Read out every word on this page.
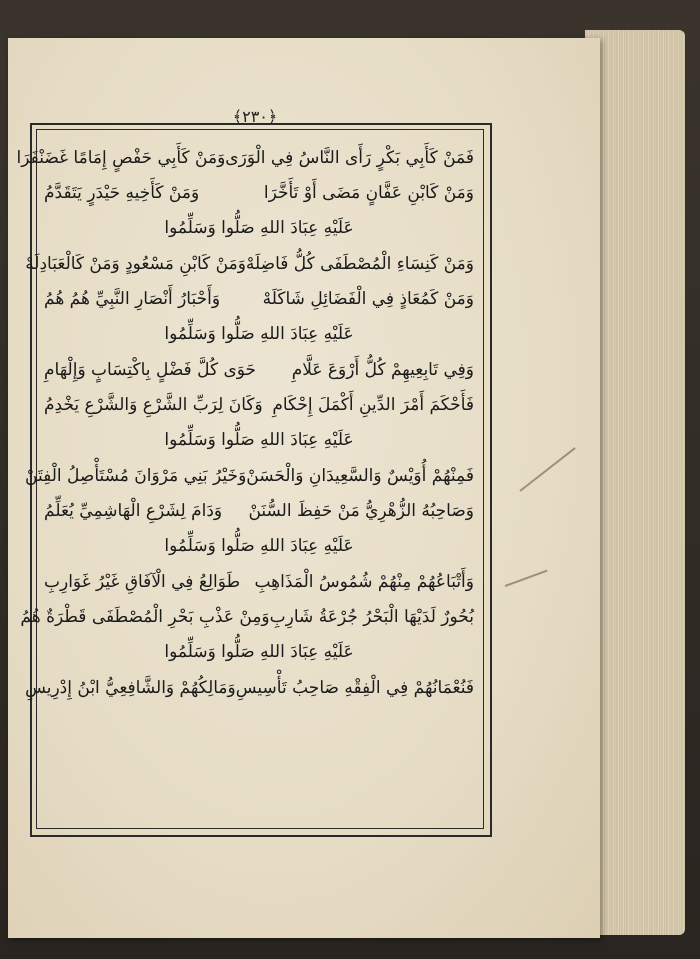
﴿٢٣٠﴾
فَمَنْ كَأَبِي بَكْرٍ رَأَى النَّاسُ فِي الْوَرَى
وَمَنْ كَأَبِي حَفْصٍ إِمَامًا غَضَنْفَرَا
وَمَنْ كَابْنِ عَفَّانٍ مَضَى أَوْ تَأَخَّرَا
وَمَنْ كَأَخِيهِ حَيْدَرٍ يَتَقَدَّمُ
عَلَيْهِ عِبَادَ اللهِ صَلُّوا وَسَلِّمُوا
وَمَنْ كَنِسَاءِ الْمُصْطَفَى كُلُّ فَاضِلَهْ
وَمَنْ كَابْنِ مَسْعُودٍ وَمَنْ كَالْعَبَادِلَهْ
وَمَنْ كَمُعَاذٍ فِي الْفَضَائِلِ شَاكَلَهْ
وَأَحْبَارُ أَنْصَارِ النَّبِيِّ هُمُ هُمُ
عَلَيْهِ عِبَادَ اللهِ صَلُّوا وَسَلِّمُوا
وَفِي تَابِعِيهِمْ كُلُّ أَرْوَعَ عَلَّامِ
حَوَى كُلَّ فَضْلٍ بِاكْتِسَابٍ وَإِلْهَامِ
فَأَحْكَمَ أَمْرَ الدِّينِ أَكْمَلَ إِحْكَامِ
وَكَانَ لِرَبِّ الشَّرْعِ وَالشَّرْعِ يَخْدِمُ
عَلَيْهِ عِبَادَ اللهِ صَلُّوا وَسَلِّمُوا
فَمِنْهُمْ أُوَيْسٌ وَالسَّعِيدَانِ وَالْحَسَنْ
وَخَيْرُ بَنِي مَرْوَانَ مُسْتَأْصِلُ الْفِتَنْ
وَصَاحِبُهُ الزُّهْرِيُّ مَنْ حَفِظَ السُّنَنْ
وَدَامَ لِشَرْعِ الْهَاشِمِيِّ يُعَلِّمُ
عَلَيْهِ عِبَادَ اللهِ صَلُّوا وَسَلِّمُوا
وَأَتْبَاعُهُمْ مِنْهُمْ شُمُوسُ الْمَذَاهِبِ
طَوَالِعُ فِي الْآفَاقِ غَيْرُ غَوَارِبِ
بُحُورٌ لَدَيْهَا الْبَحْرُ جُرْعَةُ شَارِبِ
وَمِنْ عَذْبِ بَحْرِ الْمُصْطَفَى قَطْرَةٌ هُمُ
عَلَيْهِ عِبَادَ اللهِ صَلُّوا وَسَلِّمُوا
فَنُعْمَانُهُمْ فِي الْفِقْهِ صَاحِبُ تَأْسِيسِ
وَمَالِكُهُمْ وَالشَّافِعِيُّ ابْنُ إِدْرِيسِ
